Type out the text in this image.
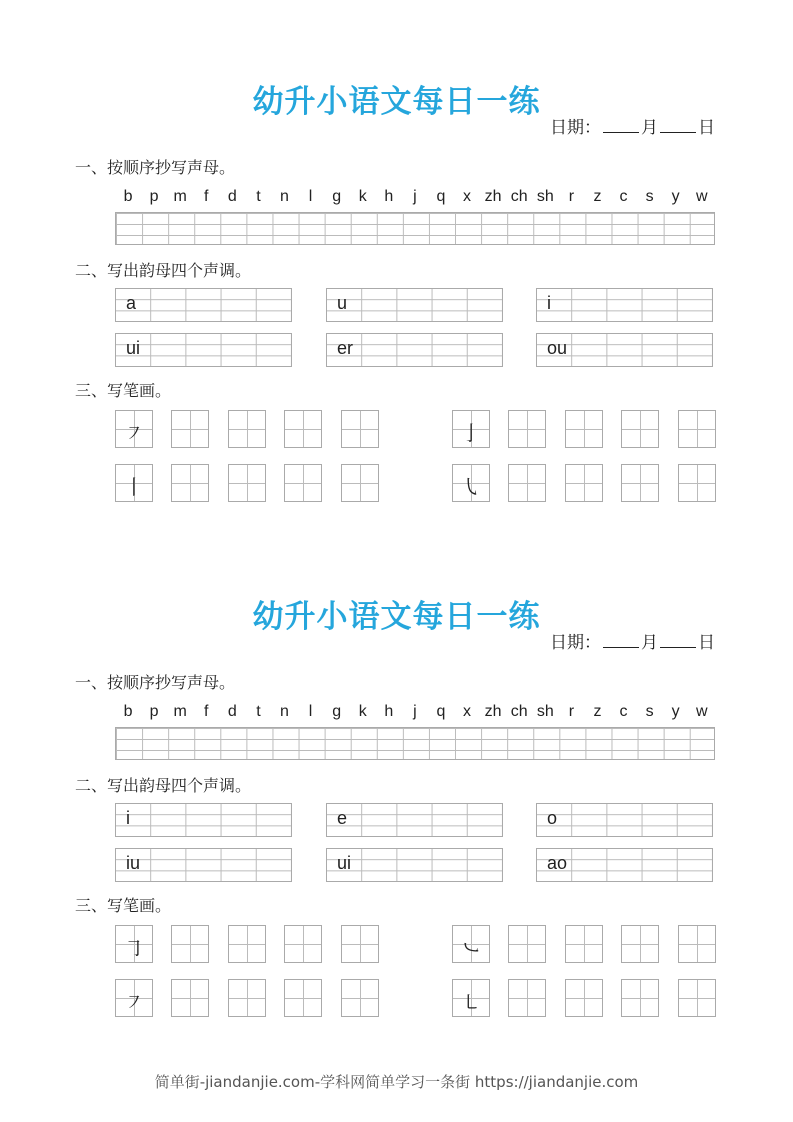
简单街-jiandanjie.com-学科网简单学习一条街 https://jiandanjie.com
幼升小语文每日一练
日期： 月 日
一、按顺序抄写声母。
b	p m	f	d	t	n	l	g	k	h	j	q	x zh ch sh r	z	c	s	y	w
二、写出韵母四个声调。
a	u	i
ui	er	ou
三、写笔画。
㇇	亅
丨	㇂
幼升小语文每日一练
日期： 月 日
一、按顺序抄写声母。
b	p m	f	d	t	n	l	g	k	h	j	q	x zh ch sh r	z	c	s	y	w
二、写出韵母四个声调。
i	e	o
iu	ui	ao
三、写笔画。
㇆	㇃
㇇	㇄
